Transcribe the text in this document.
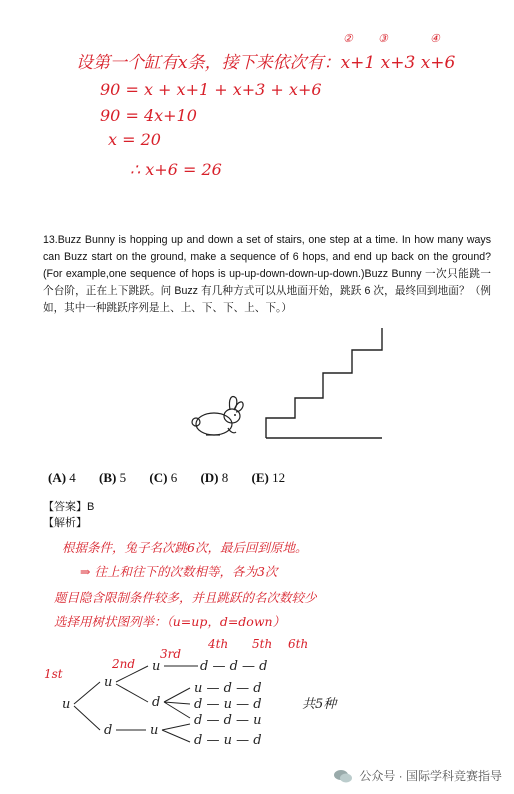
设第一个缸有x条，接下来依次有：x+1 x+3 x+6
② ③	④
90 = x + x+1 + x+3 + x+6
90 = 4x+10
x = 20
∴ x+6 = 26

13.Buzz Bunny is hopping up and down a set of stairs, one step at a time. In how many ways can Buzz start on the ground, make a sequence of 6 hops, and end up back on the ground?(For example,one sequence of hops is up-up-down-down-up-down.)Buzz Bunny 一次只能跳一个台阶，正在上下跳跃。问 Buzz 有几种方式可以从地面开始，跳跃 6 次，最终回到地面？（例如，其中一种跳跃序列是上、上、下、下、上、下。）

(A) 4 (B) 5 (C) 6 (D) 8 (E) 12
【答案】B
【解析】
根据条件，兔子名次跳6次，最后回到原地。
⇒ 往上和往下的次数相等，各为3次
题目隐含限制条件较多，并且跳跃的名次数较少
选择用树状图列举：（u=up，d=down）
1st
2nd
3rd
4th 5th 6th
u
u
d
u
d
u
d — d — d
u — d — d
d — u — d
d — d — u
d — u — d
共5种
公众号 · 国际学科竞赛指导
